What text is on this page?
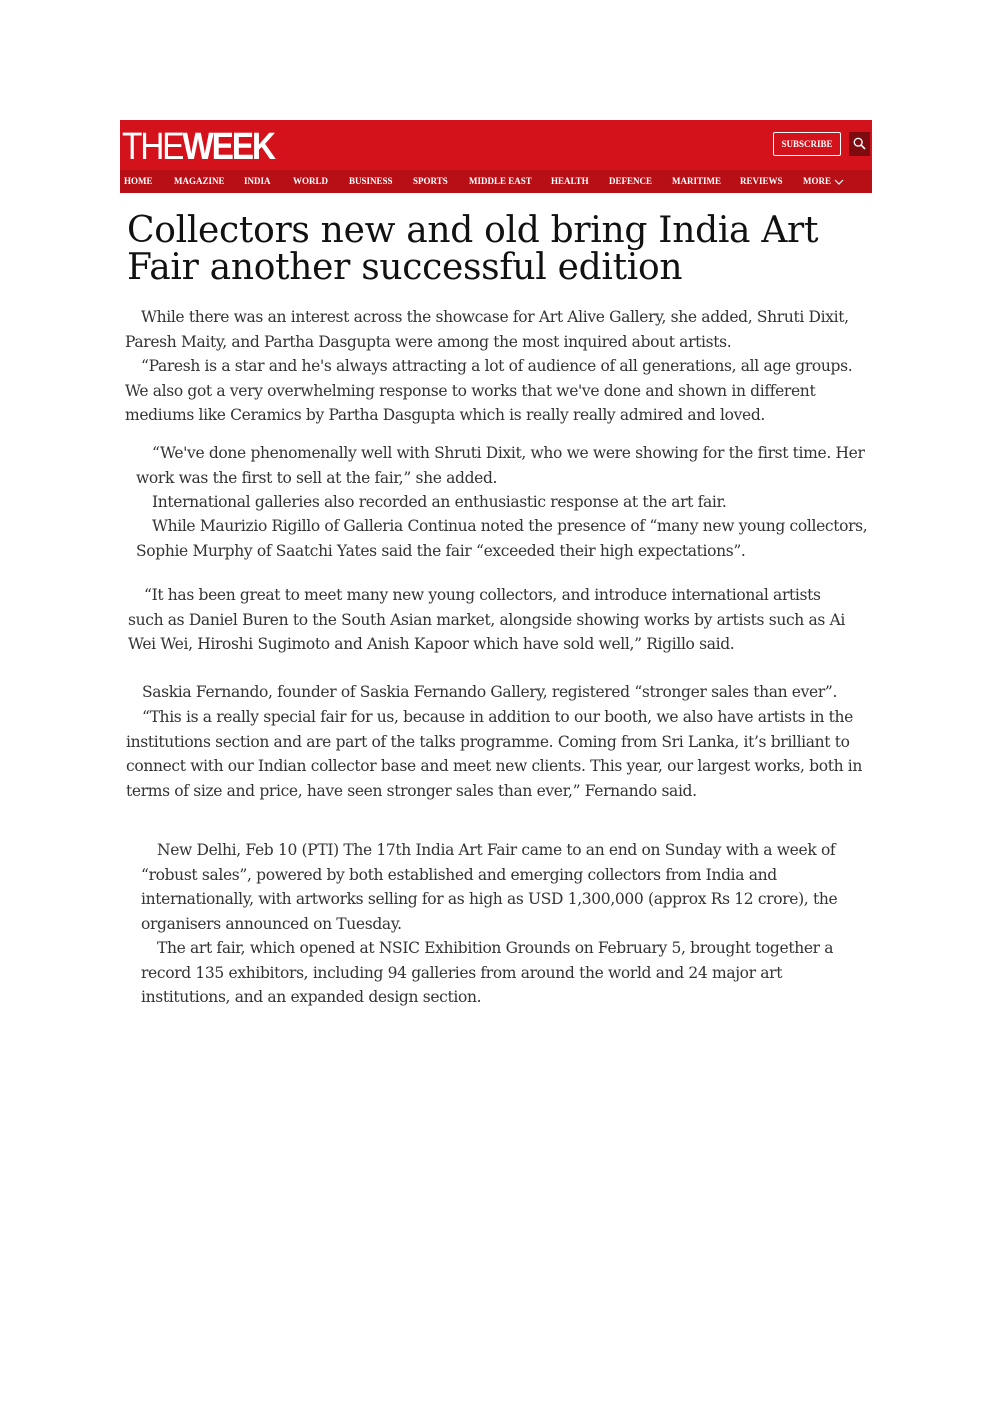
THEWEEK	SUBSCRIBE
HOME MAGAZINE INDIA WORLD BUSINESS SPORTS MIDDLE EAST HEALTH DEFENCE MARITIME REVIEWS MORE
Collectors new and old bring India Art Fair another successful edition

While there was an interest across the showcase for Art Alive Gallery, she added, Shruti Dixit, Paresh Maity, and Partha Dasgupta were among the most inquired about artists.

“Paresh is a star and he's always attracting a lot of audience of all generations, all age groups. We also got a very overwhelming response to works that we've done and shown in different mediums like Ceramics by Partha Dasgupta which is really really admired and loved.

“We've done phenomenally well with Shruti Dixit, who we were showing for the first time. Her work was the first to sell at the fair,” she added.

International galleries also recorded an enthusiastic response at the art fair.

While Maurizio Rigillo of Galleria Continua noted the presence of “many new young collectors, Sophie Murphy of Saatchi Yates said the fair “exceeded their high expectations”.

“It has been great to meet many new young collectors, and introduce international artists such as Daniel Buren to the South Asian market, alongside showing works by artists such as Ai Wei Wei, Hiroshi Sugimoto and Anish Kapoor which have sold well,” Rigillo said.

Saskia Fernando, founder of Saskia Fernando Gallery, registered “stronger sales than ever”.

“This is a really special fair for us, because in addition to our booth, we also have artists in the institutions section and are part of the talks programme. Coming from Sri Lanka, it’s brilliant to connect with our Indian collector base and meet new clients. This year, our largest works, both in terms of size and price, have seen stronger sales than ever,” Fernando said.

New Delhi, Feb 10 (PTI) The 17th India Art Fair came to an end on Sunday with a week of “robust sales”, powered by both established and emerging collectors from India and internationally, with artworks selling for as high as USD 1,300,000 (approx Rs 12 crore), the organisers announced on Tuesday.

The art fair, which opened at NSIC Exhibition Grounds on February 5, brought together a record 135 exhibitors, including 94 galleries from around the world and 24 major art institutions, and an expanded design section.
